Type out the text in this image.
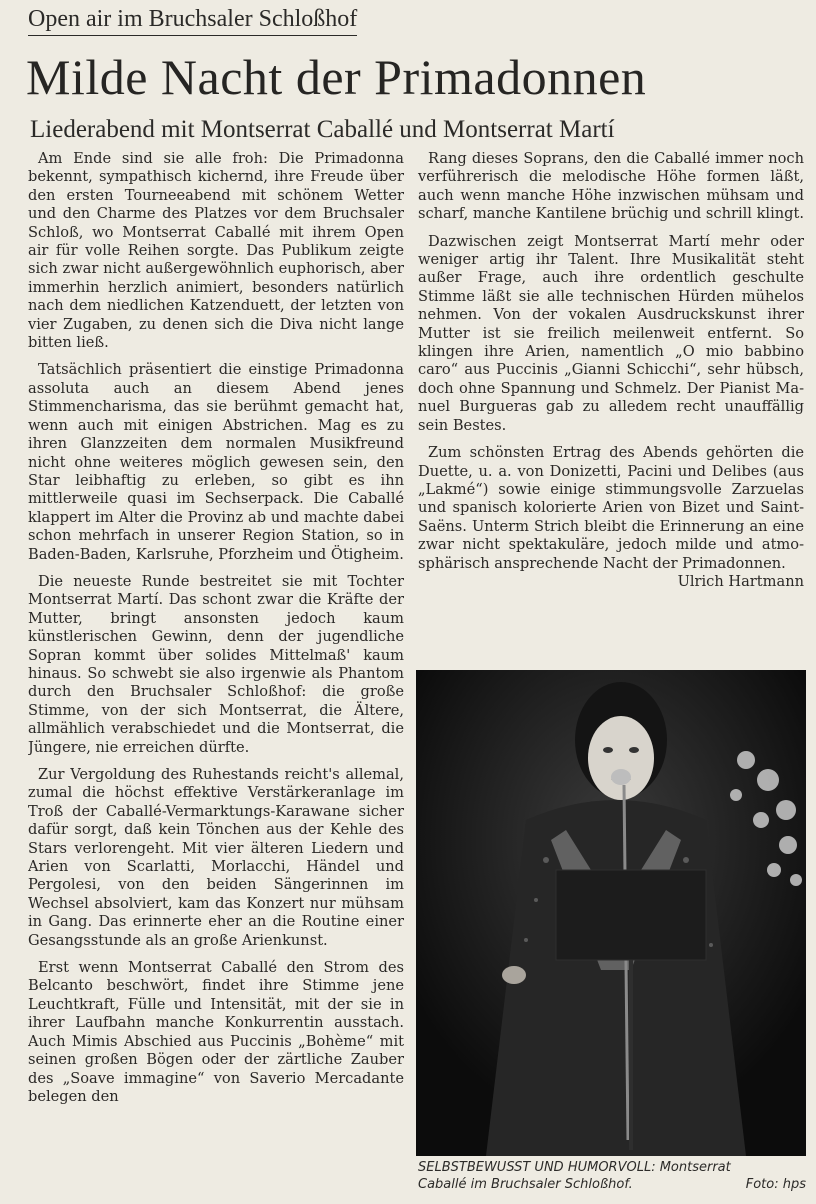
Open air im Bruchsaler Schloßhof
Milde Nacht der Primadonnen
Liederabend mit Montserrat Caballé und Montserrat Martí

Am Ende sind sie alle froh: Die Primadonna bekennt, sympathisch kichernd, ihre Freude über den ersten Tourneeabend mit schönem Wetter und den Charme des Platzes vor dem Bruchsaler Schloß, wo Montserrat Caballé mit ihrem Open air für volle Reihen sorgte. Das Publikum zeigte sich zwar nicht außergewöhnlich euphorisch, aber immerhin herzlich animiert, besonders natürlich nach dem niedlichen Katzenduett, der letzten von vier Zugaben, zu denen sich die Diva nicht lange bitten ließ.

Tatsächlich präsentiert die einstige Primadonna assoluta auch an diesem Abend jenes Stimmencharisma, das sie berühmt gemacht hat, wenn auch mit einigen Abstrichen. Mag es zu ihren Glanzzeiten dem normalen Musikfreund nicht ohne weiteres möglich gewesen sein, den Star leibhaftig zu erleben, so gibt es ihn mittlerweile quasi im Sechserpack. Die Caballé klappert im Alter die Provinz ab und machte dabei schon mehrfach in unserer Region Station, so in Baden-Baden, Karlsruhe, Pforzheim und Ötigheim.

Die neueste Runde bestreitet sie mit Tochter Montserrat Martí. Das schont zwar die Kräfte der Mutter, bringt ansonsten jedoch kaum künstlerischen Gewinn, denn der jugendliche Sopran kommt über solides Mittelmaß' kaum hinaus. So schwebt sie also irgenwie als Phantom durch den Bruchsaler Schloßhof: die große Stimme, von der sich Montserrat, die Ältere, allmählich verabschiedet und die Montserrat, die Jüngere, nie erreichen dürfte.

Zur Vergoldung des Ruhestands reicht's allemal, zumal die höchst effektive Verstärkeranlage im Troß der Caballé-Vermarktungs-Karawane sicher dafür sorgt, daß kein Tönchen aus der Kehle des Stars verlorengeht. Mit vier älteren Liedern und Arien von Scarlatti, Morlacchi, Händel und Pergolesi, von den beiden Sängerinnen im Wechsel absolviert, kam das Konzert nur mühsam in Gang. Das erinnerte eher an die Routine einer Gesangsstunde als an große Arienkunst.

Erst wenn Montserrat Caballé den Strom des Belcanto beschwört, findet ihre Stimme jene Leuchtkraft, Fülle und Intensität, mit der sie in ihrer Laufbahn manche Konkurrentin ausstach. Auch Mimis Abschied aus Puccinis „Bohème“ mit seinen großen Bögen oder der zärtliche Zauber des „Soave immagine“ von Saverio Mercadante belegen den

Rang dieses Soprans, den die Caballé immer noch verführerisch die melodische Höhe formen läßt, auch wenn manche Höhe inzwischen mühsam und scharf, manche Kantilene brüchig und schrill klingt.

Dazwischen zeigt Montserrat Martí mehr oder weniger artig ihr Talent. Ihre Musikalität steht außer Frage, auch ihre ordentlich geschulte Stimme läßt sie alle technischen Hürden mühelos nehmen. Von der vokalen Ausdruckskunst ihrer Mutter ist sie freilich meilenweit entfernt. So klingen ihre Arien, namentlich „O mio babbino caro“ aus Puccinis „Gianni Schicchi“, sehr hübsch, doch ohne Spannung und Schmelz. Der Pianist Manuel Burgueras gab zu alledem recht unauffällig sein Bestes.

Zum schönsten Ertrag des Abends gehörten die Duette, u. a. von Donizetti, Pacini und Delibes (aus „Lakmé“) sowie einige stimmungsvolle Zarzuelas und spanisch kolorierte Arien von Bizet und Saint-Saëns. Unterm Strich bleibt die Erinnerung an eine zwar nicht spektakuläre, jedoch milde und atmosphärisch ansprechende Nacht der Primadonnen.

Ulrich Hartmann
Foto: hps
SELBSTBEWUSST UND HUMORVOLL: Montserrat Caballé im Bruchsaler Schloßhof.
